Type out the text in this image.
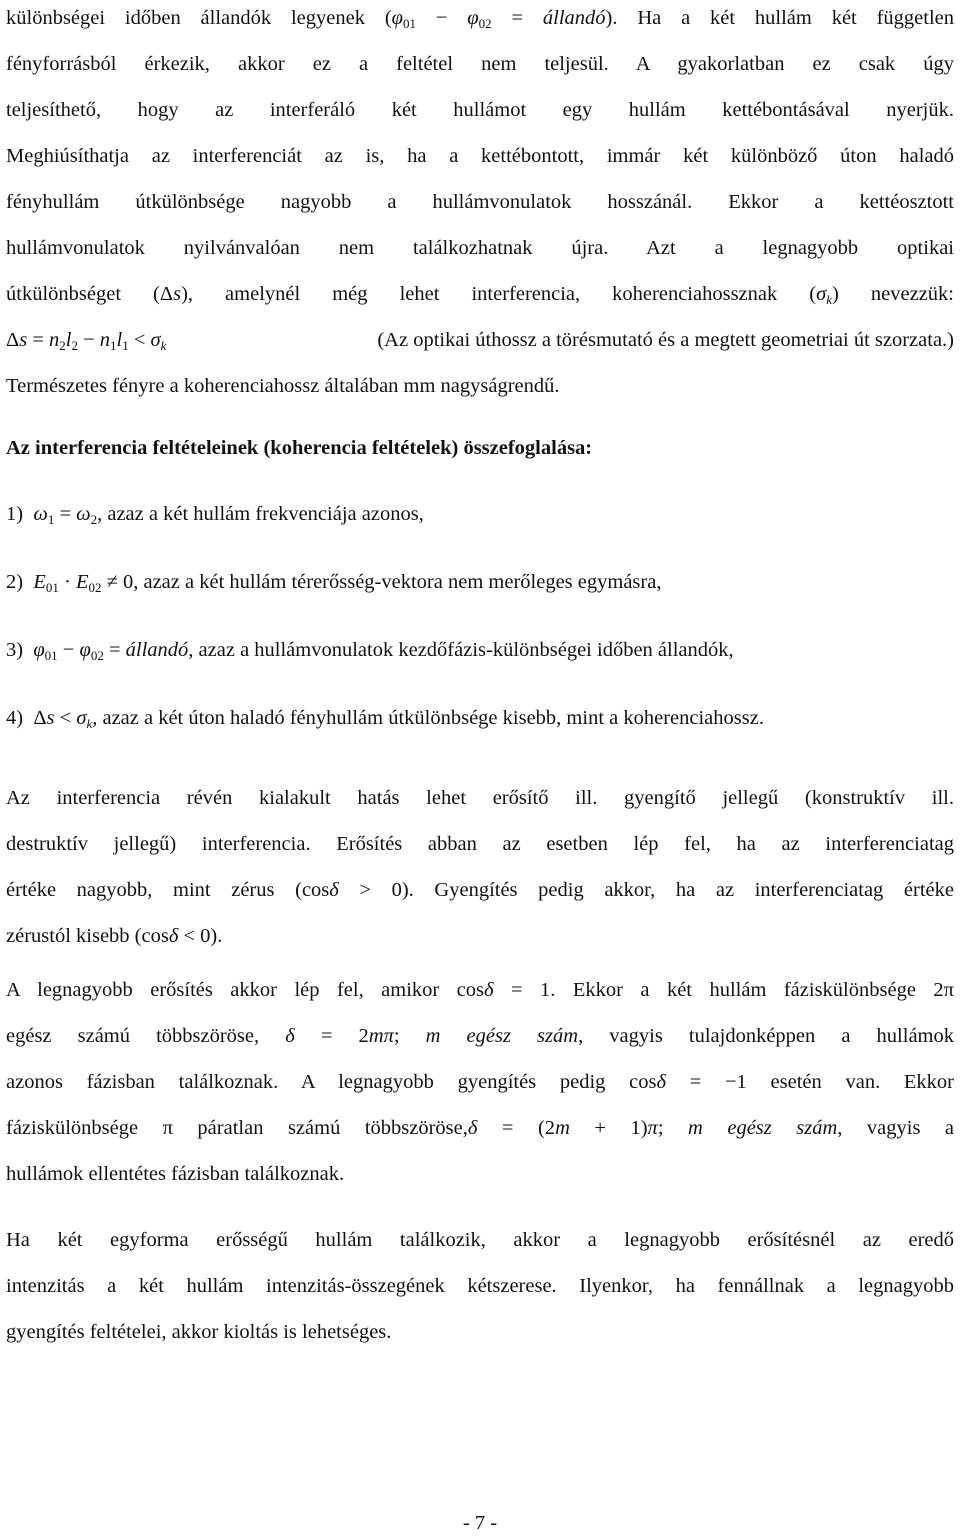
különbségei időben állandók legyenek ($\varphi_{01} - \varphi_{02}$ = állandó). Ha a két hullám két független
fényforrásból érkezik, akkor ez a feltétel nem teljesül. A gyakorlatban ez csak úgy
teljesíthető, hogy az interferáló két hullámot egy hullám kettébontásával nyerjük.
Meghiúsíthatja az interferenciát az is, ha a kettébontott, immár két különböző úton haladó
fényhullám útkülönbsége nagyobb a hullámvonulatok hosszánál. Ekkor a kettéosztott
hullámvonulatok nyilvánvalóan nem találkozhatnak újra. Azt a legnagyobb optikai
útkülönbséget (Δs), amelynél még lehet interferencia, koherenciahossznak $(\sigma_k)$ nevezzük:
$\Delta s = n_2l_2 - n_1l_1 < \sigma_k$	(Az optikai úthossz a törésmutató és a megtett geometriai út szorzata.)
Természetes fényre a koherenciahossz általában mm nagyságrendű.
Az interferencia feltételeinek (koherencia feltételek) összefoglalása:
1) $\omega_1 = \omega_2$, azaz a két hullám frekvenciája azonos,
$2) \to E_{01}$ · → $E_{02} \ne 0$, azaz a két hullám térerősség-vektora nem merőleges egymásra,
3) $\varphi_{01} - \varphi_{02}$ = állandó, azaz a hullámvonulatok kezdőfázis-különbségei időben állandók,
4) $\Delta s < \sigma_k$, azaz a két úton haladó fényhullám útkülönbsége kisebb, mint a koherenciahossz.
Az interferencia révén kialakult hatás lehet erősítő ill. gyengítő jellegű (konstruktív ill.
destruktív jellegű) interferencia. Erősítés abban az esetben lép fel, ha az interferenciatag
értéke nagyobb, mint zérus (cosδ > 0). Gyengítés pedig akkor, ha az interferenciatag értéke
zérustól kisebb (cosδ < 0).
A legnagyobb erősítés akkor lép fel, amikor cosδ = 1. Ekkor a két hullám fáziskülönbsége 2π
egész számú többszöröse, δ = 2mπ; m egész szám, vagyis tulajdonképpen a hullámok
azonos fázisban találkoznak. A legnagyobb gyengítés pedig cosδ = −1 esetén van. Ekkor
fáziskülönbsége π páratlan számú többszöröse,δ = (2m + 1)π; m egész szám, vagyis a
hullámok ellentétes fázisban találkoznak.
Ha két egyforma erősségű hullám találkozik, akkor a legnagyobb erősítésnél az eredő
intenzitás a két hullám intenzitás-összegének kétszerese. Ilyenkor, ha fennállnak a legnagyobb
gyengítés feltételei, akkor kioltás is lehetséges.
- 7 -
